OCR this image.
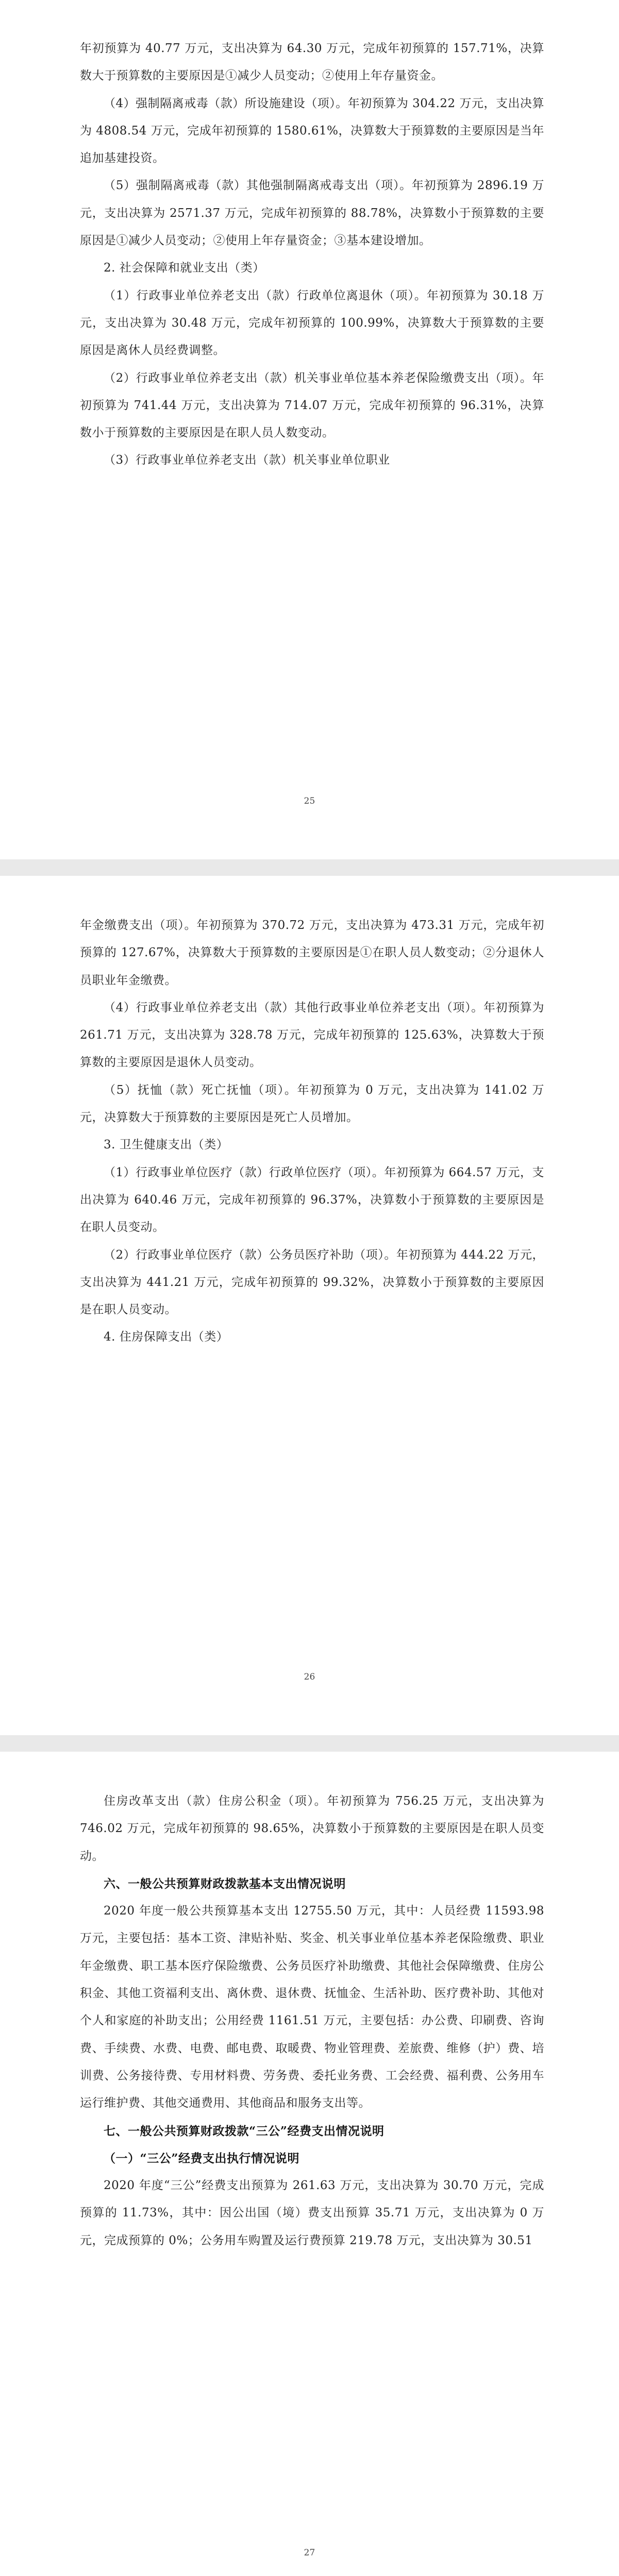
年初预算为 40.77 万元，支出决算为 64.30 万元，完成年初预算的 157.71%，决算数大于预算数的主要原因是①减少人员变动；②使用上年存量资金。

（4）强制隔离戒毒（款）所设施建设（项）。年初预算为 304.22 万元，支出决算为 4808.54 万元，完成年初预算的 1580.61%，决算数大于预算数的主要原因是当年追加基建投资。

（5）强制隔离戒毒（款）其他强制隔离戒毒支出（项）。年初预算为 2896.19 万元，支出决算为 2571.37 万元，完成年初预算的 88.78%，决算数小于预算数的主要原因是①减少人员变动；②使用上年存量资金；③基本建设增加。

2. 社会保障和就业支出（类）

（1）行政事业单位养老支出（款）行政单位离退休（项）。年初预算为 30.18 万元，支出决算为 30.48 万元，完成年初预算的 100.99%，决算数大于预算数的主要原因是离休人员经费调整。

（2）行政事业单位养老支出（款）机关事业单位基本养老保险缴费支出（项）。年初预算为 741.44 万元，支出决算为 714.07 万元，完成年初预算的 96.31%，决算数小于预算数的主要原因是在职人员人数变动。

（3）行政事业单位养老支出（款）机关事业单位职业

25

年金缴费支出（项）。年初预算为 370.72 万元，支出决算为 473.31 万元，完成年初预算的 127.67%，决算数大于预算数的主要原因是①在职人员人数变动；②分退休人员职业年金缴费。

（4）行政事业单位养老支出（款）其他行政事业单位养老支出（项）。年初预算为 261.71 万元，支出决算为 328.78 万元，完成年初预算的 125.63%，决算数大于预算数的主要原因是退休人员变动。

（5）抚恤（款）死亡抚恤（项）。年初预算为 0 万元，支出决算为 141.02 万元，决算数大于预算数的主要原因是死亡人员增加。

3. 卫生健康支出（类）

（1）行政事业单位医疗（款）行政单位医疗（项）。年初预算为 664.57 万元，支出决算为 640.46 万元，完成年初预算的 96.37%，决算数小于预算数的主要原因是在职人员变动。

（2）行政事业单位医疗（款）公务员医疗补助（项）。年初预算为 444.22 万元，支出决算为 441.21 万元，完成年初预算的 99.32%，决算数小于预算数的主要原因是在职人员变动。

4. 住房保障支出（类）

26

住房改革支出（款）住房公积金（项）。年初预算为 756.25 万元，支出决算为 746.02 万元，完成年初预算的 98.65%，决算数小于预算数的主要原因是在职人员变动。

六、一般公共预算财政拨款基本支出情况说明

2020 年度一般公共预算基本支出 12755.50 万元，其中：人员经费 11593.98 万元，主要包括：基本工资、津贴补贴、奖金、机关事业单位基本养老保险缴费、职业年金缴费、职工基本医疗保险缴费、公务员医疗补助缴费、其他社会保障缴费、住房公积金、其他工资福利支出、离休费、退休费、抚恤金、生活补助、医疗费补助、其他对个人和家庭的补助支出；公用经费 1161.51 万元，主要包括：办公费、印刷费、咨询费、手续费、水费、电费、邮电费、取暖费、物业管理费、差旅费、维修（护）费、培训费、公务接待费、专用材料费、劳务费、委托业务费、工会经费、福利费、公务用车运行维护费、其他交通费用、其他商品和服务支出等。

七、一般公共预算财政拨款“三公”经费支出情况说明

（一）“三公”经费支出执行情况说明

2020 年度“三公”经费支出预算为 261.63 万元，支出决算为 30.70 万元，完成预算的 11.73%，其中：因公出国（境）费支出预算 35.71 万元，支出决算为 0 万元，完成预算的 0%；公务用车购置及运行费预算 219.78 万元，支出决算为 30.51

27
